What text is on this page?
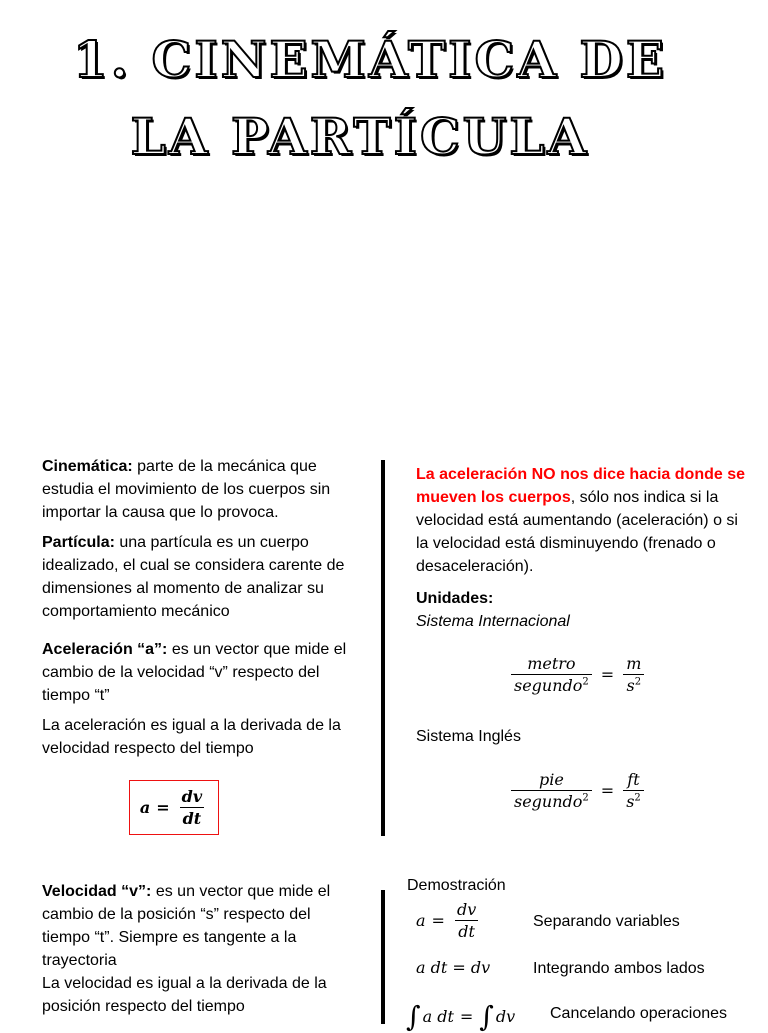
1. CINEMÁTICA DE
LA PARTÍCULA
Cinemática: parte de la mecánica que estudia el movimiento de los cuerpos sin importar la causa que lo provoca.
Partícula: una partícula es un cuerpo idealizado, el cual se considera carente de dimensiones al momento de analizar su comportamiento mecánico
Aceleración “a”: es un vector que mide el cambio de la velocidad “v” respecto del tiempo “t”
La aceleración es igual a la derivada de la velocidad respecto del tiempo
$a = \frac{dv}{dt}$
La aceleración NO nos dice hacia donde se mueven los cuerpos, sólo nos indica si la velocidad está aumentando (aceleración) o si la velocidad está disminuyendo (frenado o desaceleración).
Unidades:
Sistema Internacional
$\frac{\text{metro}}{segundo^2} = \frac{m}{s^2}$
Sistema Inglés
$\frac{\text{pie}}{segundo^2} = \frac{ft}{s^2}$
Velocidad “v”: es un vector que mide el cambio de la posición “s” respecto del tiempo “t”. Siempre es tangente a la trayectoria
La velocidad es igual a la derivada de la posición respecto del tiempo
Demostración
$a = \frac{dv}{dt}$	Separando variables
a dt = dv	Integrando ambos lados
∫ a dt = ∫ dv Cancelando operaciones
